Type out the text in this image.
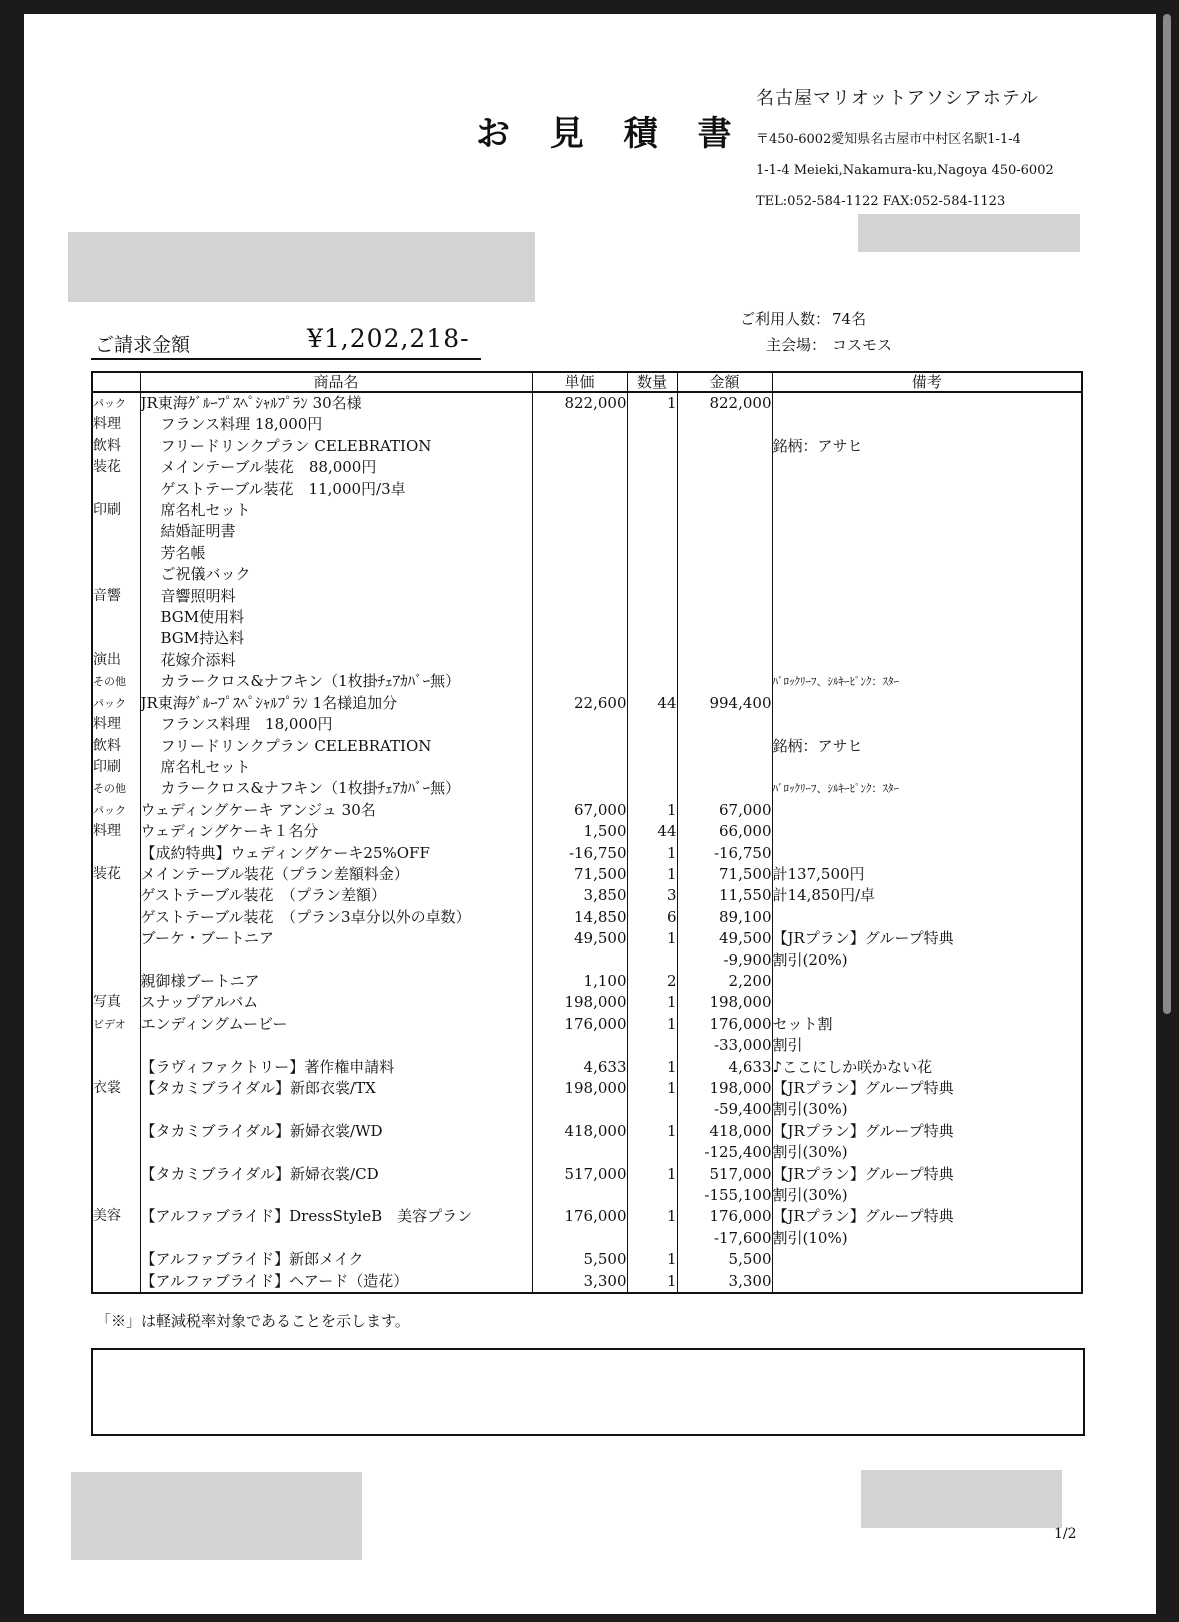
お 見 積 書
名古屋マリオットアソシアホテル
〒450-6002愛知県名古屋市中村区名駅1-1-4
1-1-4 Meieki,Nakamura-ku,Nagoya 450-6002
TEL:052-584-1122 FAX:052-584-1123
ご利用人数： 74名
主会場： コスモス
ご請求金額	¥1,202,218-
	商品名	単価	数量	金額	備考
パック	JR東海ｸﾞﾙｰﾌﾟｽﾍﾟｼｬﾙﾌﾟﾗﾝ 30名様	822,000	1	822,000	
料理	フランス料理 18,000円				
飲料	フリードリンクプラン CELEBRATION				銘柄：アサヒ
装花	メインテーブル装花　88,000円				
	ゲストテーブル装花　11,000円/3卓				
印刷	席名札セット				
	結婚証明書				
	芳名帳				
	ご祝儀バック				
音響	音響照明料				
	BGM使用料				
	BGM持込料				
演出	花嫁介添料				
その他	カラークロス&ナフキン（1枚掛ﾁｪｱｶﾊﾞｰ無）				ﾊﾞﾛｯｸﾘｰﾌ、ｼﾙｷｰﾋﾟﾝｸ：ｽﾀｰ
パック	JR東海ｸﾞﾙｰﾌﾟｽﾍﾟｼｬﾙﾌﾟﾗﾝ 1名様追加分	22,600	44	994,400	
料理	フランス料理　18,000円				
飲料	フリードリンクプラン CELEBRATION				銘柄：アサヒ
印刷	席名札セット				
その他	カラークロス&ナフキン（1枚掛ﾁｪｱｶﾊﾞｰ無）				ﾊﾞﾛｯｸﾘｰﾌ、ｼﾙｷｰﾋﾟﾝｸ：ｽﾀｰ
パック	ウェディングケーキ アンジュ 30名	67,000	1	67,000	
料理	ウェディングケーキ１名分	1,500	44	66,000	
	【成約特典】ウェディングケーキ25%OFF	-16,750	1	-16,750	
装花	メインテーブル装花（プラン差額料金）	71,500	1	71,500	計137,500円
	ゲストテーブル装花　（プラン差額）	3,850	3	11,550	計14,850円/卓
	ゲストテーブル装花　（プラン3卓分以外の卓数）	14,850	6	89,100	
	ブーケ・ブートニア	49,500	1	49,500	【JRプラン】グループ特典
				-9,900	割引(20%)
	親御様ブートニア	1,100	2	2,200	
写真	スナップアルバム	198,000	1	198,000	
ビデオ	エンディングムービー	176,000	1	176,000	セット割
				-33,000	割引
	【ラヴィファクトリー】著作権申請料	4,633	1	4,633	♪ここにしか咲かない花
衣裳	【タカミブライダル】新郎衣裳/TX	198,000	1	198,000	【JRプラン】グループ特典
				-59,400	割引(30%)
	【タカミブライダル】新婦衣裳/WD	418,000	1	418,000	【JRプラン】グループ特典
				-125,400	割引(30%)
	【タカミブライダル】新婦衣裳/CD	517,000	1	517,000	【JRプラン】グループ特典
				-155,100	割引(30%)
美容	【アルファブライド】DressStyleB　美容プラン	176,000	1	176,000	【JRプラン】グループ特典
				-17,600	割引(10%)
	【アルファブライド】新郎メイク	5,500	1	5,500	
	【アルファブライド】ヘアード（造花）	3,300	1	3,300	
「※」は軽減税率対象であることを示します。
1/2
